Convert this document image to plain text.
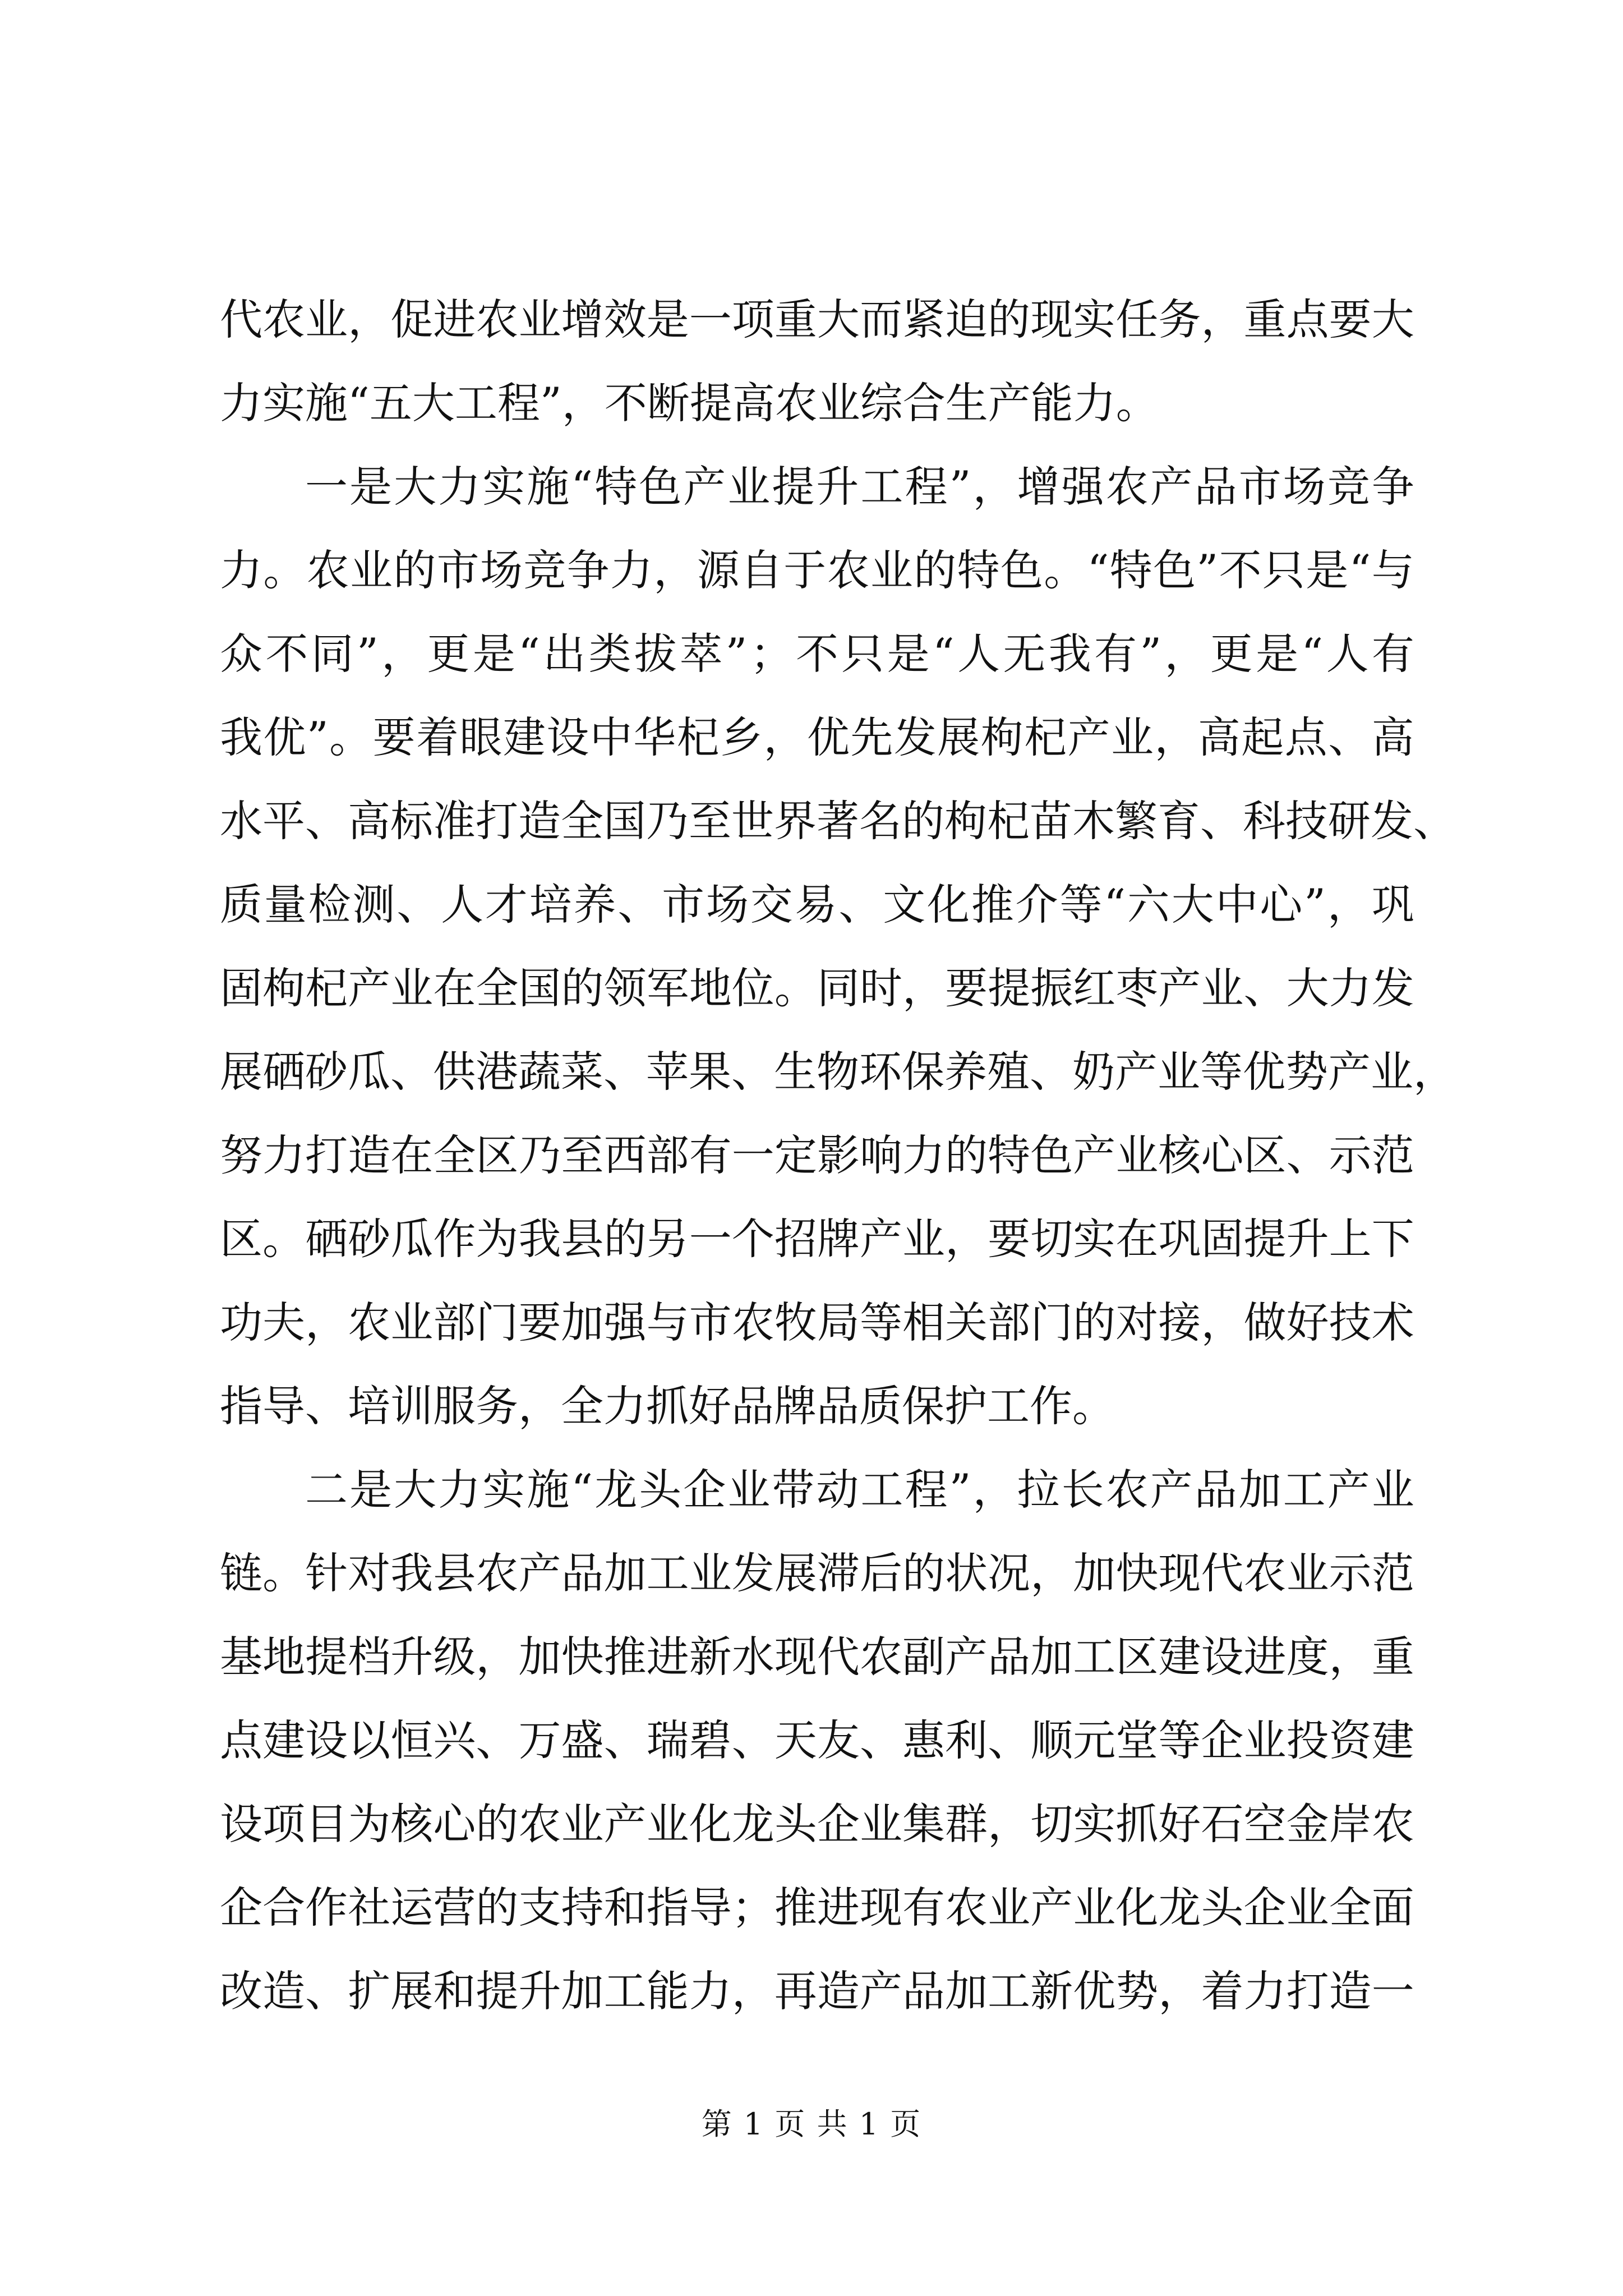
代 农 业 ， 促 进 农 业 增 效 是 一 项 重 大 而 紧 迫 的 现 实 任 务 ， 重 点 要 大
力 实 施 “ 五 大 工 程 ” ， 不 断 提 高 农 业 综 合 生 产 能 力 。
一 是 大 力 实 施 “ 特 色 产 业 提 升 工 程 ” ， 增 强 农 产 品 市 场 竞 争
力 。 农 业 的 市 场 竞 争 力 ， 源 自 于 农 业 的 特 色 。 “ 特 色 ” 不 只 是 “ 与
众 不 同 ” ， 更 是 “ 出 类 拔 萃 ” ； 不 只 是 “ 人 无 我 有 ” ， 更 是 “ 人 有
我 优 ” 。 要 着 眼 建 设 中 华 杞 乡 ， 优 先 发 展 枸 杞 产 业 ， 高 起 点 、 高
水 平 、 高 标 准 打 造 全 国 乃 至 世 界 著 名 的 枸 杞 苗 木 繁 育 、 科 技 研 发 、
质 量 检 测 、 人 才 培 养 、 市 场 交 易 、 文 化 推 介 等 “ 六 大 中 心 ” ， 巩
固 枸 杞 产 业 在 全 国 的 领 军 地 位 。 同 时 ， 要 提 振 红 枣 产 业 、 大 力 发
展 硒 砂 瓜 、 供 港 蔬 菜 、 苹 果 、 生 物 环 保 养 殖 、 奶 产 业 等 优 势 产 业 ，
努 力 打 造 在 全 区 乃 至 西 部 有 一 定 影 响 力 的 特 色 产 业 核 心 区 、 示 范
区 。 硒 砂 瓜 作 为 我 县 的 另 一 个 招 牌 产 业 ， 要 切 实 在 巩 固 提 升 上 下
功 夫 ， 农 业 部 门 要 加 强 与 市 农 牧 局 等 相 关 部 门 的 对 接 ， 做 好 技 术
指 导 、 培 训 服 务 ， 全 力 抓 好 品 牌 品 质 保 护 工 作 。
二 是 大 力 实 施 “ 龙 头 企 业 带 动 工 程 ” ， 拉 长 农 产 品 加 工 产 业
链 。 针 对 我 县 农 产 品 加 工 业 发 展 滞 后 的 状 况 ， 加 快 现 代 农 业 示 范
基 地 提 档 升 级 ， 加 快 推 进 新 水 现 代 农 副 产 品 加 工 区 建 设 进 度 ， 重
点 建 设 以 恒 兴 、 万 盛 、 瑞 碧 、 天 友 、 惠 利 、 顺 元 堂 等 企 业 投 资 建
设 项 目 为 核 心 的 农 业 产 业 化 龙 头 企 业 集 群 ， 切 实 抓 好 石 空 金 岸 农
企 合 作 社 运 营 的 支 持 和 指 导 ； 推 进 现 有 农 业 产 业 化 龙 头 企 业 全 面
改 造 、 扩 展 和 提 升 加 工 能 力 ， 再 造 产 品 加 工 新 优 势 ， 着 力 打 造 一
第 1 页 共 1 页
